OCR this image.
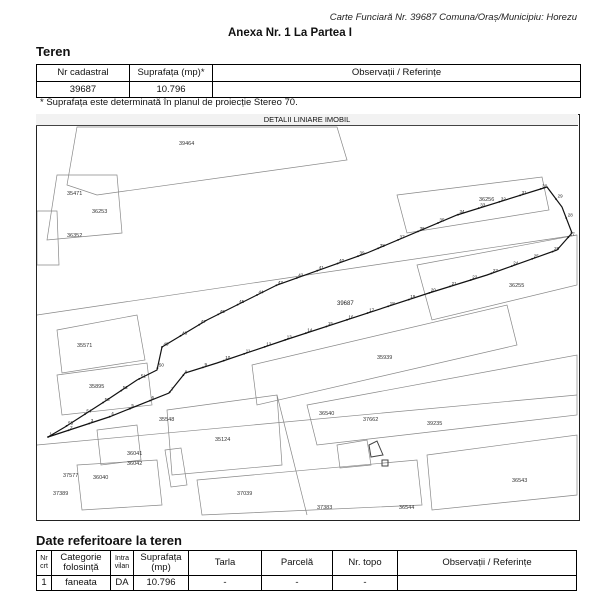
Carte Funciară Nr. 39687 Comuna/Oraș/Municipiu: Horezu
Anexa Nr. 1 La Partea I
Teren
Nr cadastral	Suprafața (mp)*	Observații / Referințe
39687	10.796	
* Suprafața este determinată în planul de proiecție Stereo 70.
39464
35471
36253
36352
36256
36255
35571
35939
35895
35548
36540
37662
39235
35124
36041
36042
36040
37577
37389	37039
37383
36543
36544
39687
1
2
3
4
5
6
7
8
9
10
11
12
13
14
15
16
17
18
19
20
21
22
23
24
25
26
27
28
29
30
31
32
33
34
35
36
37
38
39
40
41
42
43
44
45
46
47
48
49
50
51
52
53
54
55
DETALII LINIARE IMOBIL
Date referitoare la teren
Nr crt	Categorie folosință	Intra vilan	Suprafața (mp)	Tarla	Parcelă	Nr. topo	Observații / Referințe
1	faneata	DA	10.796	-	-	-	
